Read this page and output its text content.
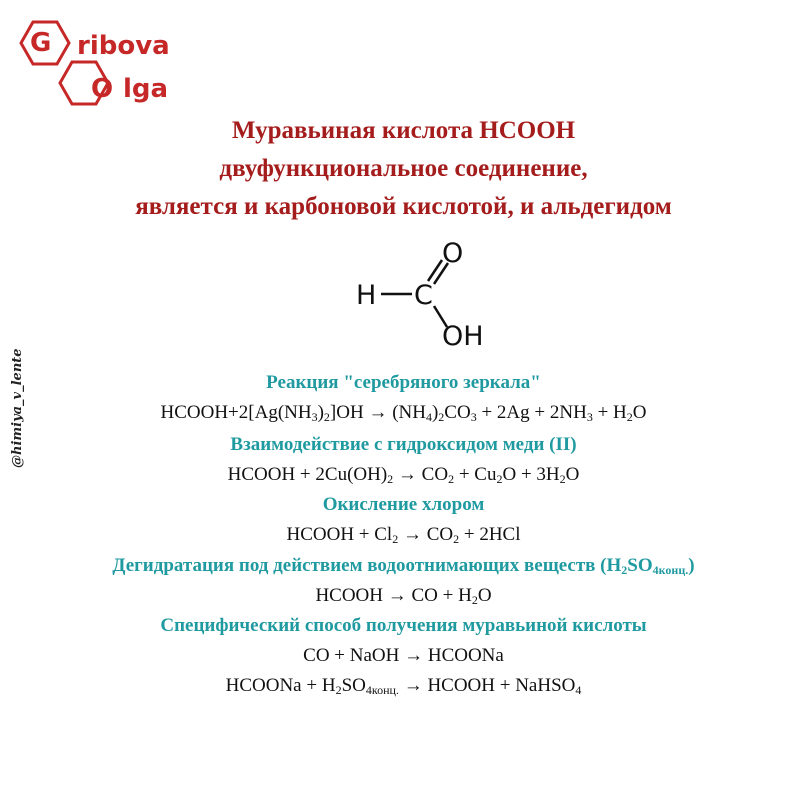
G ribova
O lga
@himiya_v_lente
Муравьиная кислота HCOOH
двуфункциональное соединение,
является и карбоновой кислотой, и альдегидом
H C
O
OH
Реакция "серебряного зеркала"
$HCOOH+2[Ag(NH_3)_2]OH \to (NH_4)_2CO_3 + 2Ag + 2NH_3 + H_2O$
Взаимодействие с гидроксидом меди (II)
HCOOH + $2Cu(OH)_2 \to CO_2 + Cu_2O + 3H_2O$
Окисление хлором
HCOOH + $Cl_2 \to CO_2 + 2HCl$
Дегидратация под действием водоотнимающих веществ $(H_2SO_{4конц.})$
HCOOH → CO + $H_2O$
Специфический способ получения муравьиной кислоты
CO + NaOH → HCOONa
HCOONa + $H_2SO_{4конц.}$ → HCOOH + NaHSO$_4$
